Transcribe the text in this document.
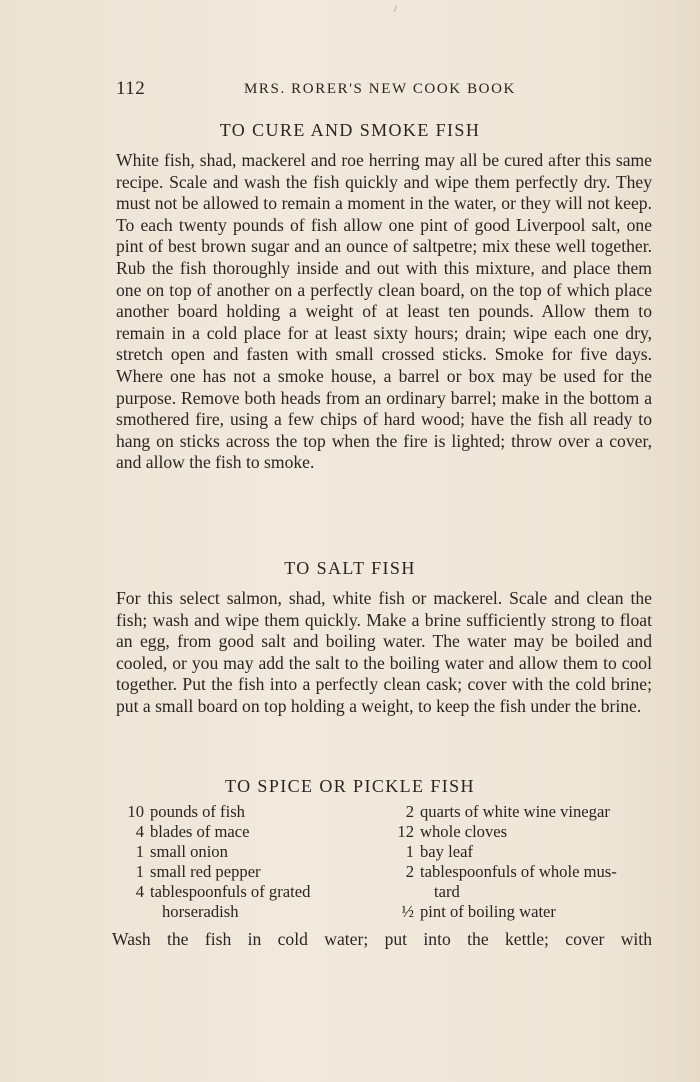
/
112	MRS. RORER'S NEW COOK BOOK
TO CURE AND SMOKE FISH
White fish, shad, mackerel and roe herring may all be cured after this same recipe. Scale and wash the fish quickly and wipe them perfectly dry. They must not be allowed to remain a moment in the water, or they will not keep. To each twenty pounds of fish allow one pint of good Liverpool salt, one pint of best brown sugar and an ounce of saltpetre; mix these well together. Rub the fish thoroughly inside and out with this mixture, and place them one on top of another on a perfectly clean board, on the top of which place another board holding a weight of at least ten pounds. Allow them to remain in a cold place for at least sixty hours; drain; wipe each one dry, stretch open and fasten with small crossed sticks. Smoke for five days. Where one has not a smoke house, a barrel or box may be used for the purpose. Remove both heads from an ordinary barrel; make in the bottom a smothered fire, using a few chips of hard wood; have the fish all ready to hang on sticks across the top when the fire is lighted; throw over a cover, and allow the fish to smoke.
TO SALT FISH
For this select salmon, shad, white fish or mackerel. Scale and clean the fish; wash and wipe them quickly. Make a brine sufficiently strong to float an egg, from good salt and boiling water. The water may be boiled and cooled, or you may add the salt to the boiling water and allow them to cool together. Put the fish into a perfectly clean cask; cover with the cold brine; put a small board on top holding a weight, to keep the fish under the brine.
TO SPICE OR PICKLE FISH
10 pounds of fish
4 blades of mace
1 small onion
1 small red pepper
4 tablespoonfuls of grated
horseradish
2 quarts of white wine vinegar
12 whole cloves
1 bay leaf
2 tablespoonfuls of whole mus-
tard
½ pint of boiling water
Wash the fish in cold water; put into the kettle; cover with
